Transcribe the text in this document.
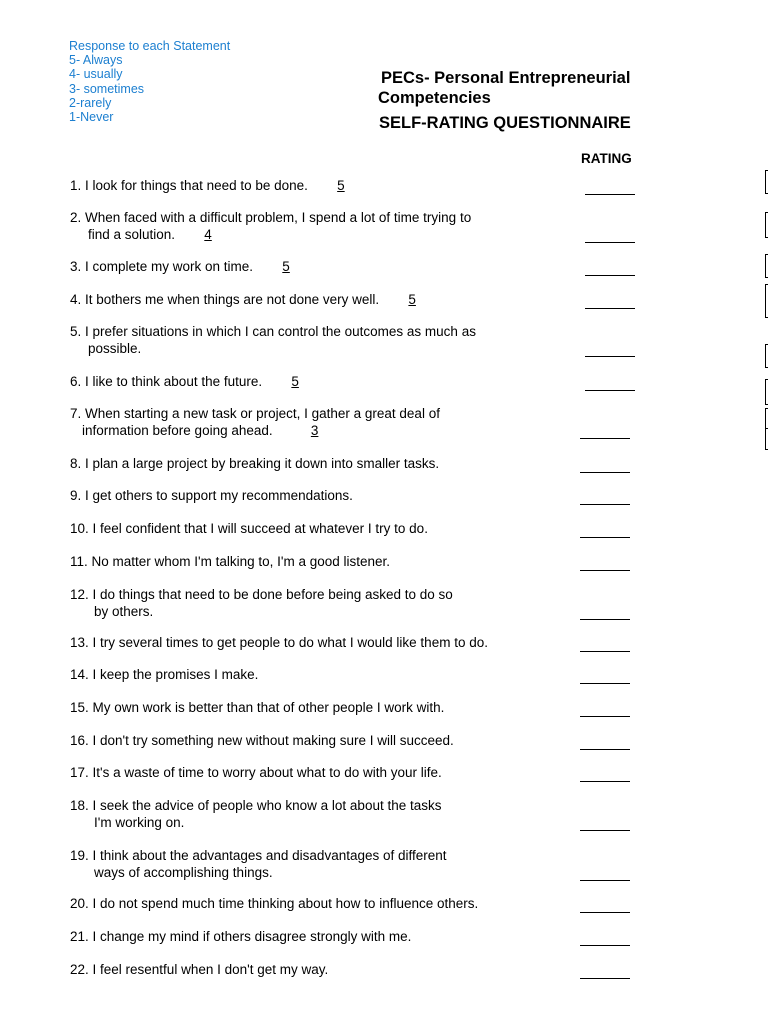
Response to each Statement
5- Always
4- usually
3- sometimes
2-rarely
1-Never
PECs- Personal Entrepreneurial
Competencies
SELF-RATING QUESTIONNAIRE
RATING
1. I look for things that need to be done. 5
2. When faced with a difficult problem, I spend a lot of time trying to
find a solution. 4
3. I complete my work on time. 5
4. It bothers me when things are not done very well. 5
5. I prefer situations in which I can control the outcomes as much as
possible.
6. I like to think about the future. 5
7. When starting a new task or project, I gather a great deal of
information before going ahead.	3
8. I plan a large project by breaking it down into smaller tasks.
9. I get others to support my recommendations.
10. I feel confident that I will succeed at whatever I try to do.
11. No matter whom I'm talking to, I'm a good listener.
12. I do things that need to be done before being asked to do so
by others.
13. I try several times to get people to do what I would like them to do.
14. I keep the promises I make.
15. My own work is better than that of other people I work with.
16. I don't try something new without making sure I will succeed.
17. It's a waste of time to worry about what to do with your life.
18. I seek the advice of people who know a lot about the tasks
I'm working on.
19. I think about the advantages and disadvantages of different
ways of accomplishing things.
20. I do not spend much time thinking about how to influence others.
21. I change my mind if others disagree strongly with me.
22. I feel resentful when I don't get my way.
